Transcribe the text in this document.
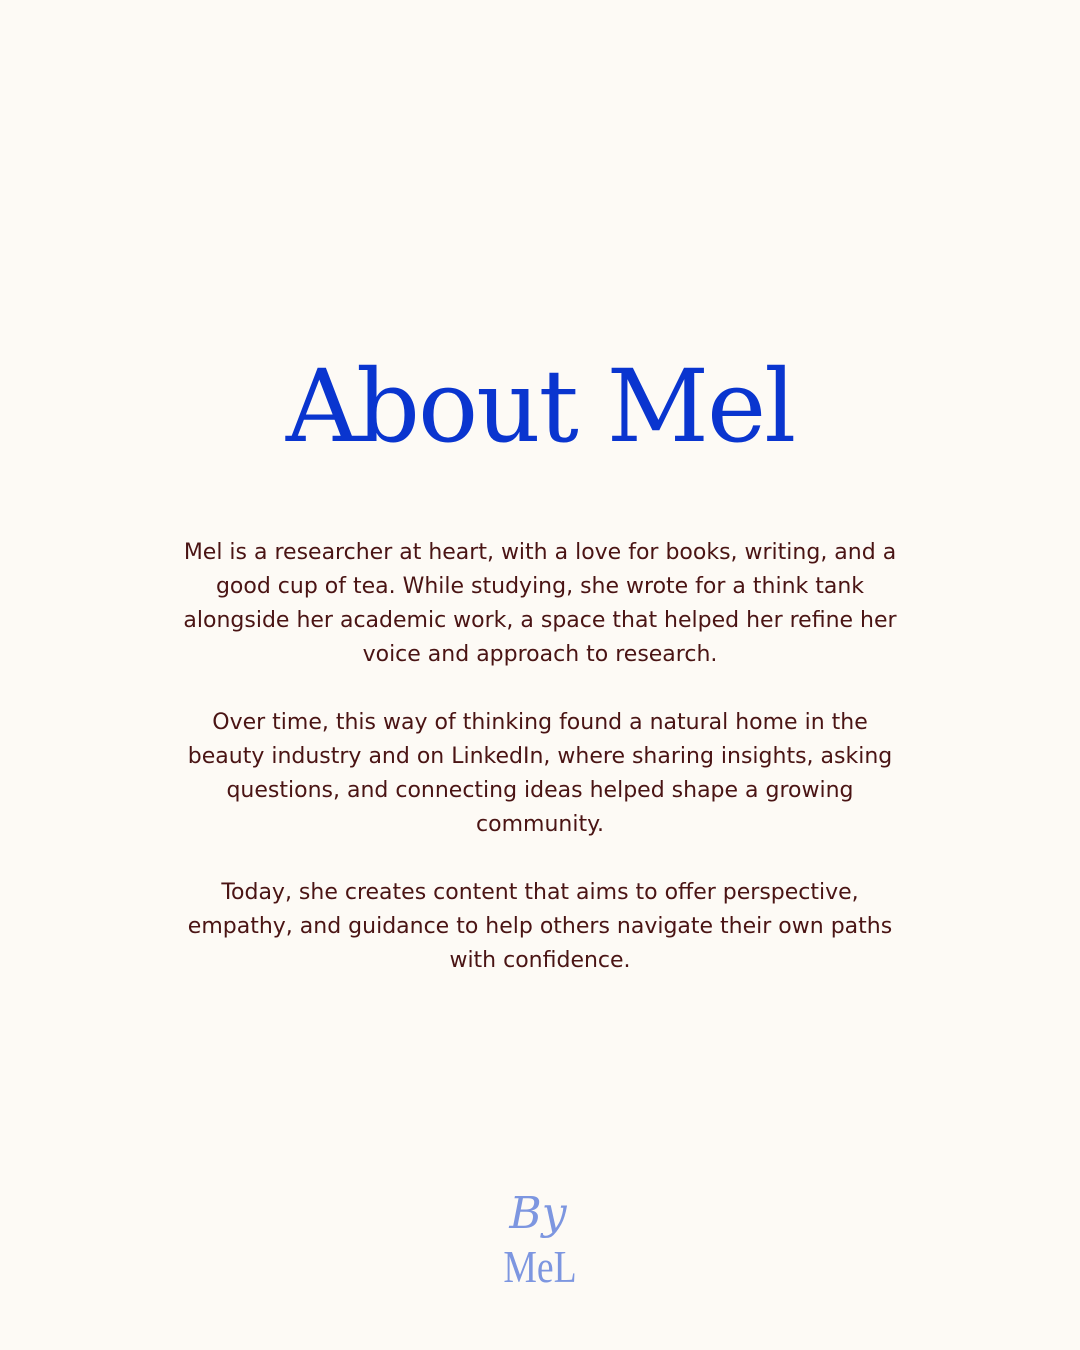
About Mel

Mel is a researcher at heart, with a love for books, writing, and a good cup of tea. While studying, she wrote for a think tank alongside her academic work, a space that helped her refine her voice and approach to research.

Over time, this way of thinking found a natural home in the beauty industry and on LinkedIn, where sharing insights, asking questions, and connecting ideas helped shape a growing community.

Today, she creates content that aims to offer perspective, empathy, and guidance to help others navigate their own paths with confidence.

By
MeL
